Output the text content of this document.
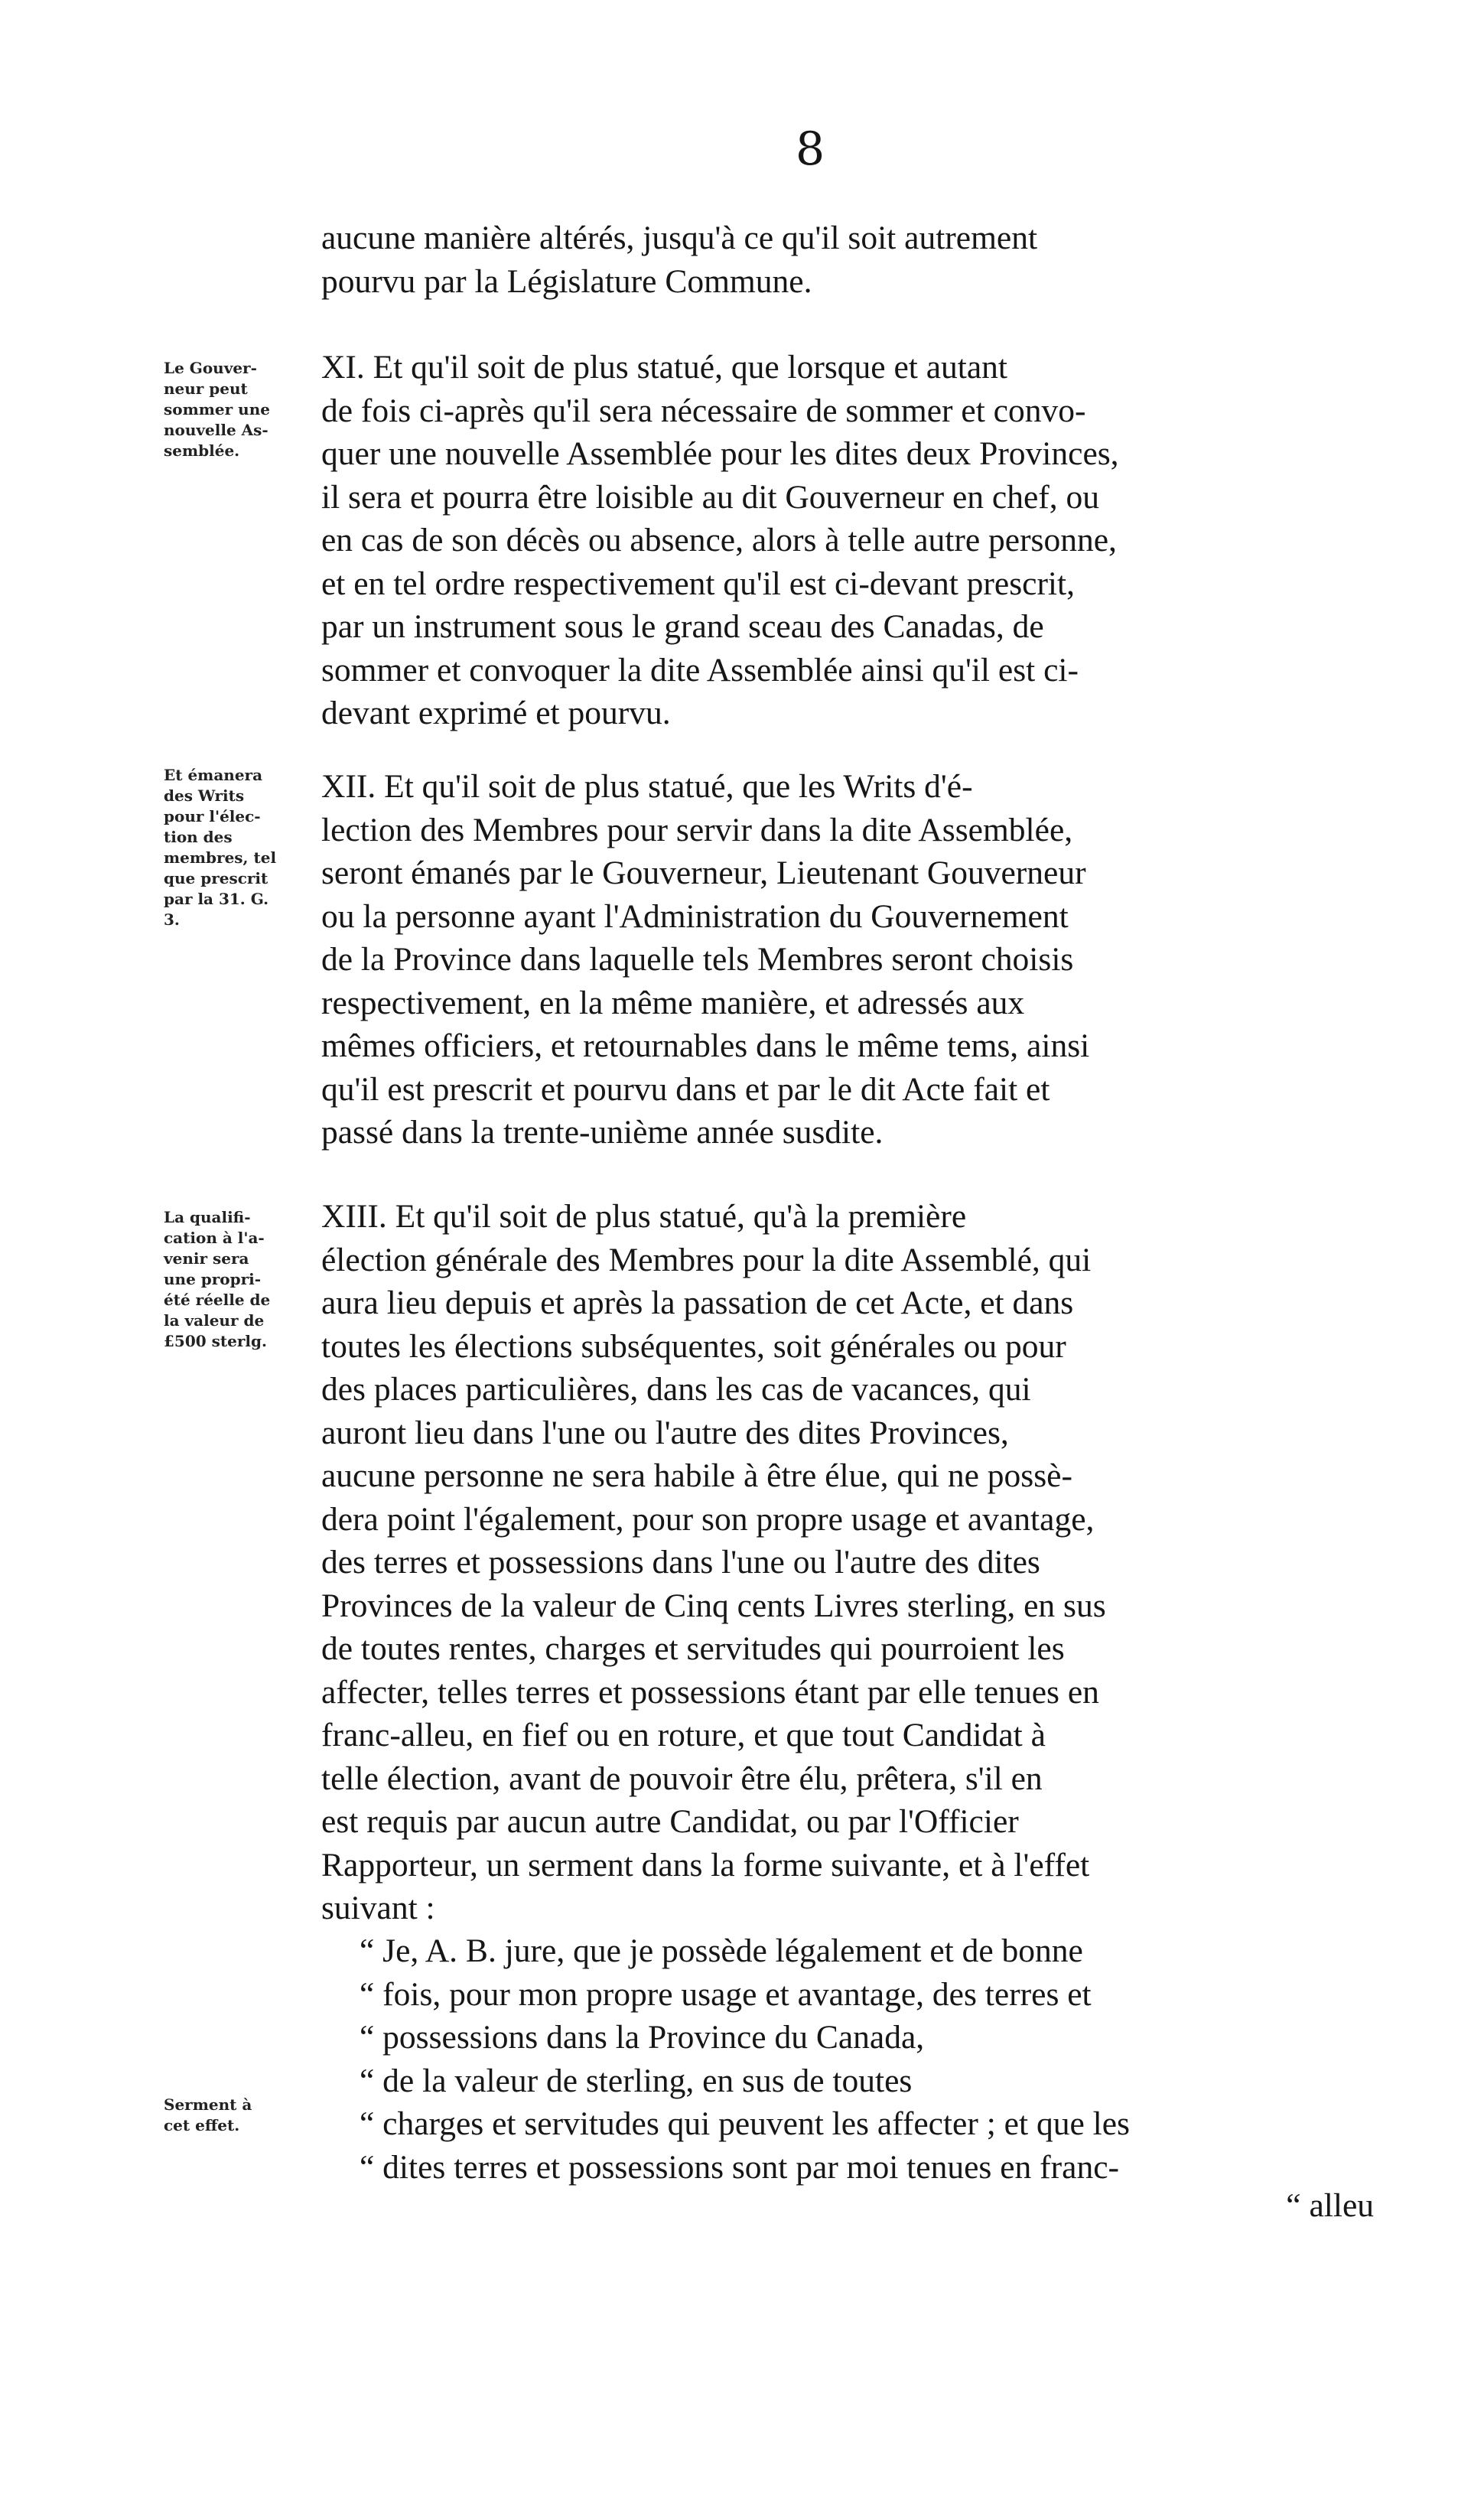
8
aucune manière altérés, jusqu'à ce qu'il soit autrement
pourvu par la Législature Commune.
Le Gouver-
neur peut
sommer une
nouvelle As-
semblée.
XI. Et qu'il soit de plus statué, que lorsque et autant
de fois ci-après qu'il sera nécessaire de sommer et convo-
quer une nouvelle Assemblée pour les dites deux Provinces,
il sera et pourra être loisible au dit Gouverneur en chef, ou
en cas de son décès ou absence, alors à telle autre personne,
et en tel ordre respectivement qu'il est ci-devant prescrit,
par un instrument sous le grand sceau des Canadas, de
sommer et convoquer la dite Assemblée ainsi qu'il est ci-
devant exprimé et pourvu.
Et émanera
des Writs
pour l'élec-
tion des
membres, tel
que prescrit
par la 31. G.
3.
XII. Et qu'il soit de plus statué, que les Writs d'é-
lection des Membres pour servir dans la dite Assemblée,
seront émanés par le Gouverneur, Lieutenant Gouverneur
ou la personne ayant l'Administration du Gouvernement
de la Province dans laquelle tels Membres seront choisis
respectivement, en la même manière, et adressés aux
mêmes officiers, et retournables dans le même tems, ainsi
qu'il est prescrit et pourvu dans et par le dit Acte fait et
passé dans la trente-unième année susdite.
La qualifi-
cation à l'a-
venir sera
une propri-
été réelle de
la valeur de
£500 sterlg.
XIII. Et qu'il soit de plus statué, qu'à la première
élection générale des Membres pour la dite Assemblé, qui
aura lieu depuis et après la passation de cet Acte, et dans
toutes les élections subséquentes, soit générales ou pour
des places particulières, dans les cas de vacances, qui
auront lieu dans l'une ou l'autre des dites Provinces,
aucune personne ne sera habile à être élue, qui ne possè-
dera point l'également, pour son propre usage et avantage,
des terres et possessions dans l'une ou l'autre des dites
Provinces de la valeur de Cinq cents Livres sterling, en sus
de toutes rentes, charges et servitudes qui pourroient les
affecter, telles terres et possessions étant par elle tenues en
franc-alleu, en fief ou en roture, et que tout Candidat à
telle élection, avant de pouvoir être élu, prêtera, s'il en
est requis par aucun autre Candidat, ou par l'Officier
Rapporteur, un serment dans la forme suivante, et à l'effet
suivant :
Serment à
cet effet.
“ Je, A. B. jure, que je possède légalement et de bonne
“ fois, pour mon propre usage et avantage, des terres et
“ possessions dans la Province du Canada,
“ de la valeur de sterling, en sus de toutes
“ charges et servitudes qui peuvent les affecter ; et que les
“ dites terres et possessions sont par moi tenues en franc-
“ alleu
